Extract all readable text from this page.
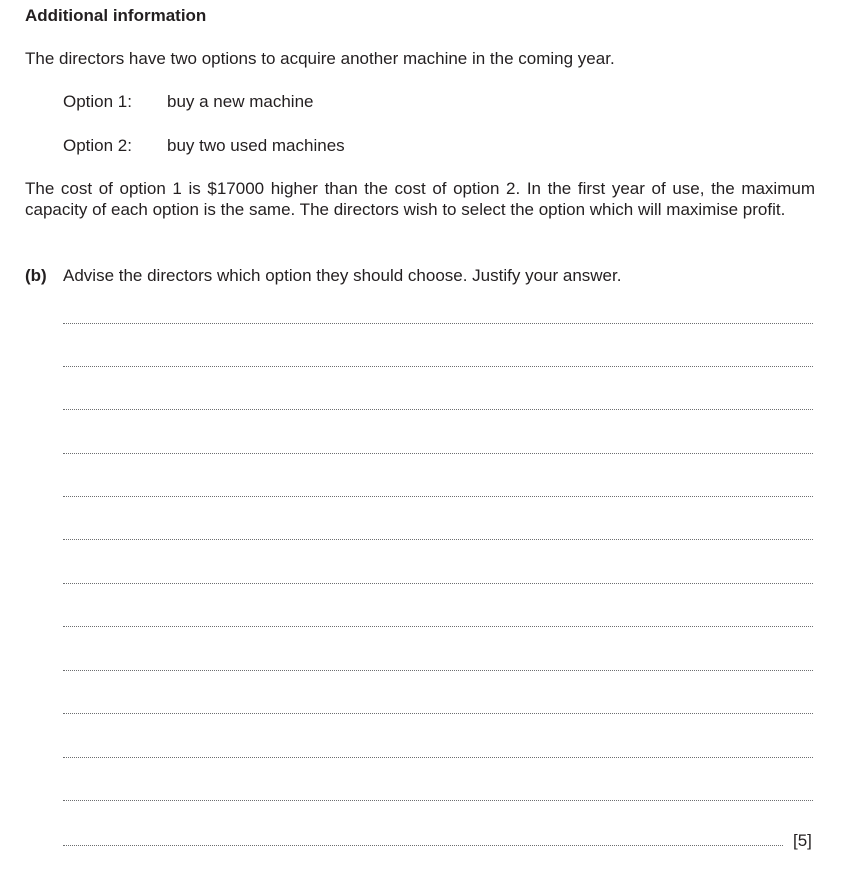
Additional information
The directors have two options to acquire another machine in the coming year.
Option 1:	buy a new machine
Option 2:	buy two used machines
The cost of option 1 is $17000 higher than the cost of option 2. In the first year of use, the maximum capacity of each option is the same. The directors wish to select the option which will maximise profit.
(b) Advise the directors which option they should choose. Justify your answer.
[5]
